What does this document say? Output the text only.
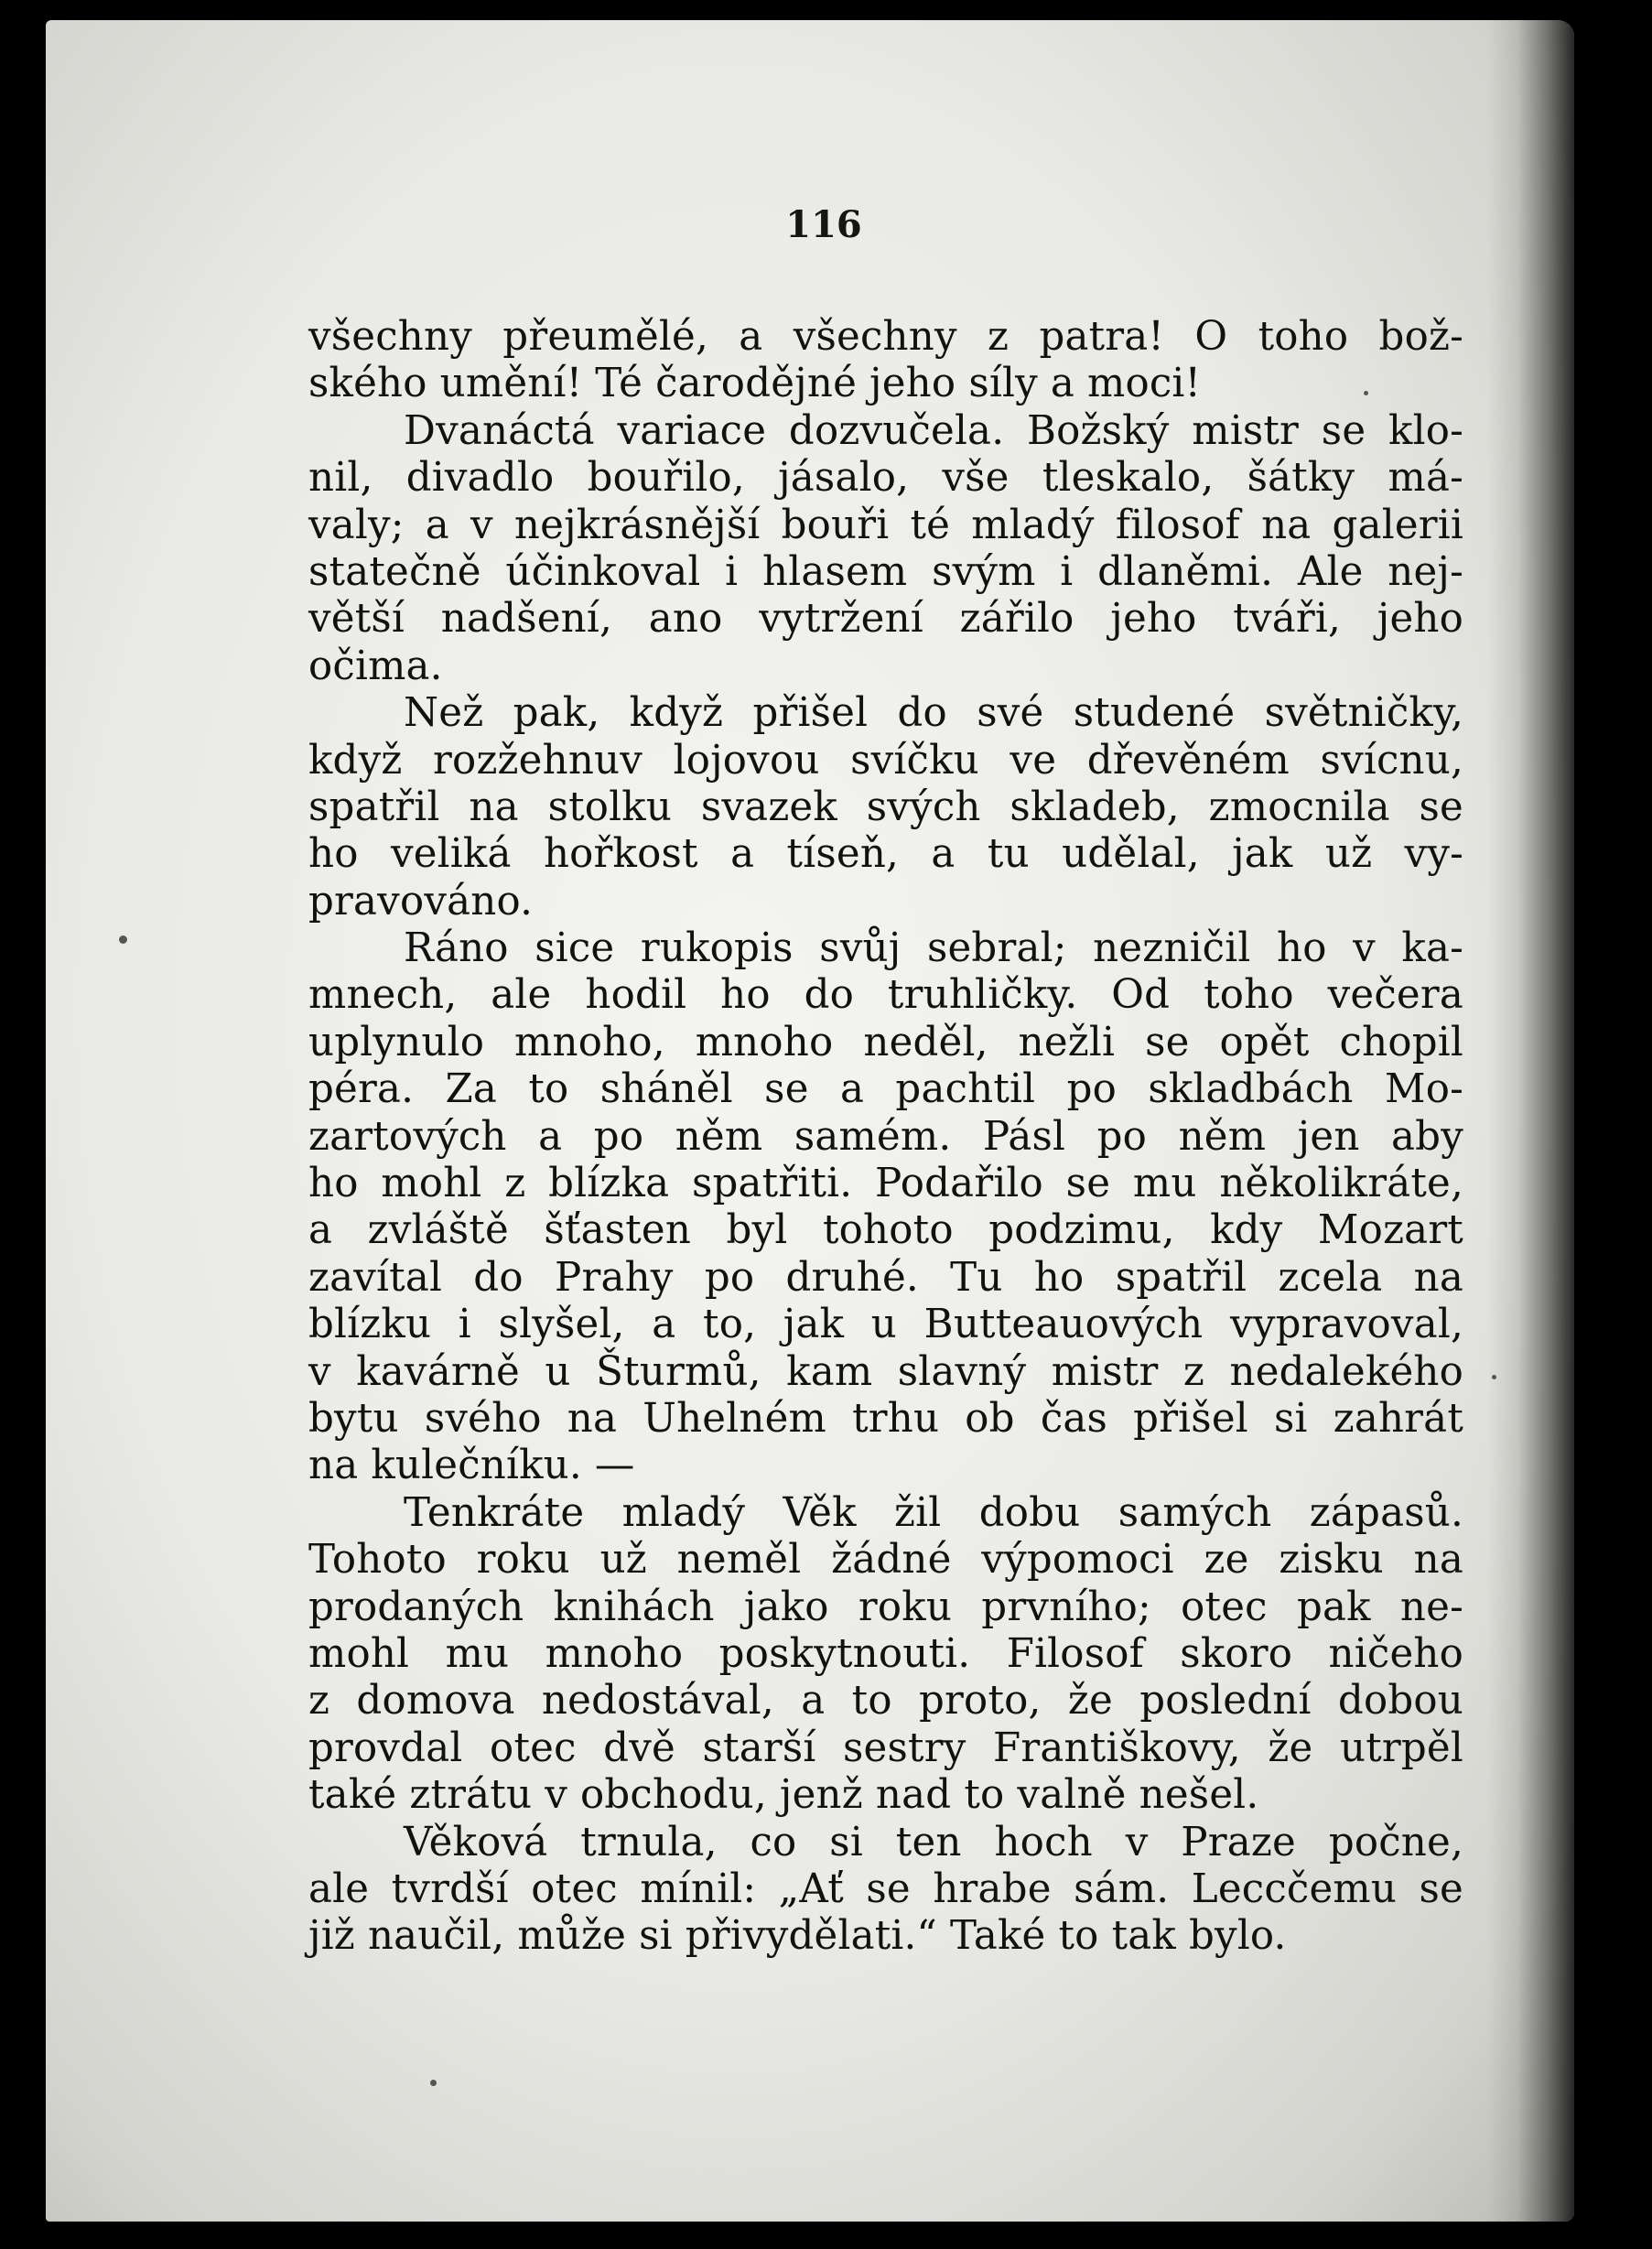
116
všechny přeumělé, a všechny z patra! O toho bož-
ského umění! Té čarodějné jeho síly a moci!
Dvanáctá variace dozvučela. Božský mistr se klo-
nil, divadlo bouřilo, jásalo, vše tleskalo, šátky má-
valy; a v nejkrásnější bouři té mladý filosof na galerii
statečně účinkoval i hlasem svým i dlaněmi. Ale nej-
větší nadšení, ano vytržení zářilo jeho tváři, jeho
očima.
Než pak, když přišel do své studené světničky,
když rozžehnuv lojovou svíčku ve dřevěném svícnu,
spatřil na stolku svazek svých skladeb, zmocnila se
ho veliká hořkost a tíseň, a tu udělal, jak už vy-
pravováno.
Ráno sice rukopis svůj sebral; nezničil ho v ka-
mnech, ale hodil ho do truhličky. Od toho večera
uplynulo mnoho, mnoho neděl, nežli se opět chopil
péra. Za to sháněl se a pachtil po skladbách Mo-
zartových a po něm samém. Pásl po něm jen aby
ho mohl z blízka spatřiti. Podařilo se mu několikráte,
a zvláště šťasten byl tohoto podzimu, kdy Mozart
zavítal do Prahy po druhé. Tu ho spatřil zcela na
blízku i slyšel, a to, jak u Butteauových vypravoval,
v kavárně u Šturmů, kam slavný mistr z nedalekého
bytu svého na Uhelném trhu ob čas přišel si zahrát
na kulečníku. —
Tenkráte mladý Věk žil dobu samých zápasů.
Tohoto roku už neměl žádné výpomoci ze zisku na
prodaných knihách jako roku prvního; otec pak ne-
mohl mu mnoho poskytnouti. Filosof skoro ničeho
z domova nedostával, a to proto, že poslední dobou
provdal otec dvě starší sestry Františkovy, že utrpěl
také ztrátu v obchodu, jenž nad to valně nešel.
Věková trnula, co si ten hoch v Praze počne,
ale tvrdší otec mínil: „Ať se hrabe sám. Leccčemu se
již naučil, může si přivydělati.“ Také to tak bylo.
